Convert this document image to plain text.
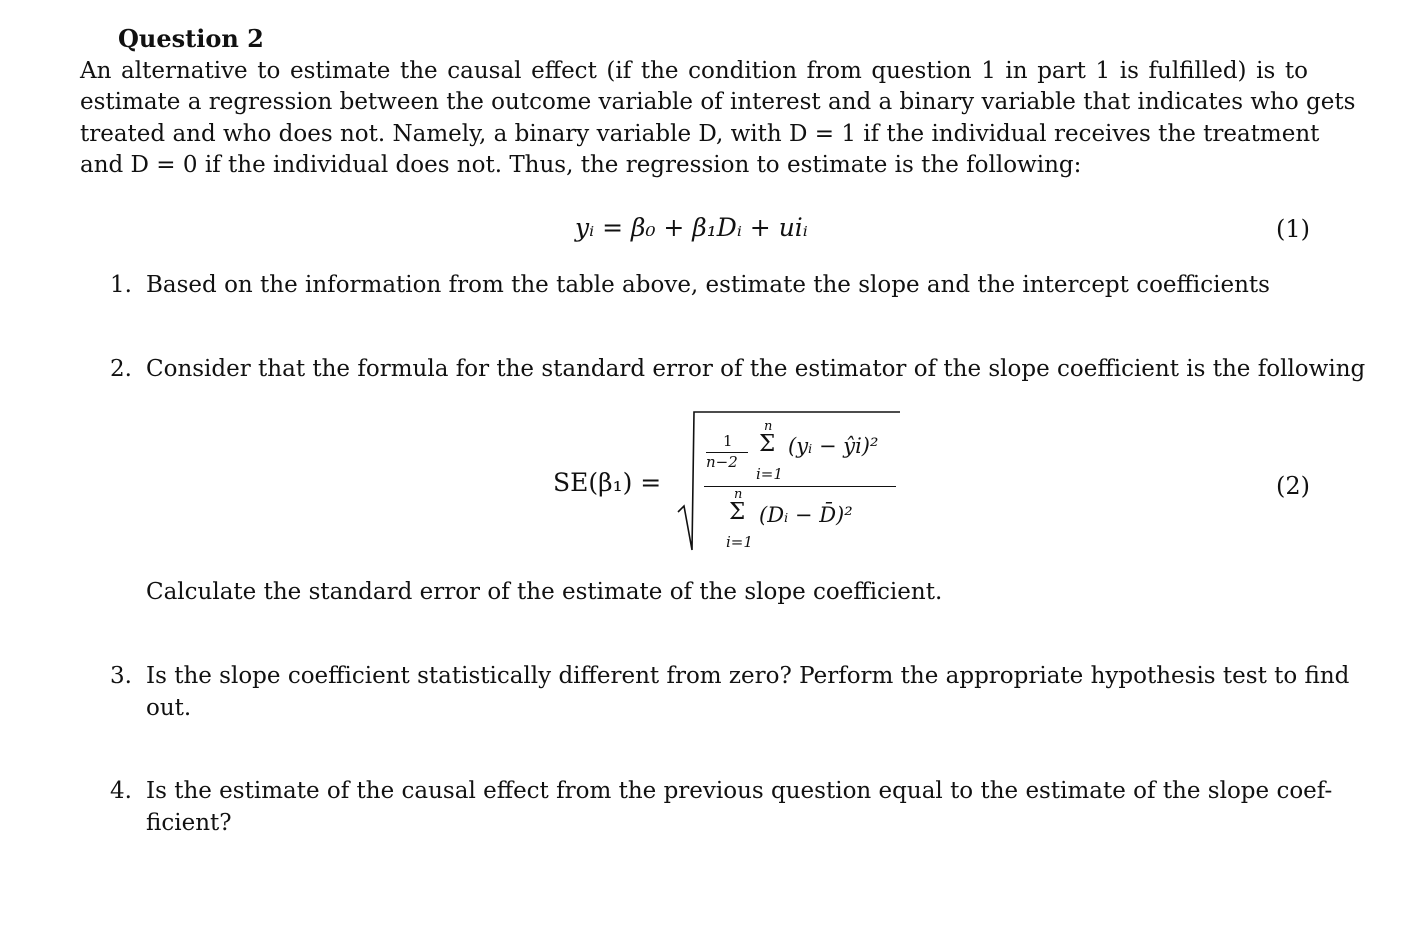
Question 2
An alternative to estimate the causal effect (if the condition from question 1 in part 1 is fulfilled) is to
estimate a regression between the outcome variable of interest and a binary variable that indicates who gets
treated and who does not. Namely, a binary variable D, with D = 1 if the individual receives the treatment
and D = 0 if the individual does not. Thus, the regression to estimate is the following:
yᵢ = β₀ + β₁Dᵢ + uiᵢ	(1)
1. Based on the information from the table above, estimate the slope and the intercept coefficients
2. Consider that the formula for the standard error of the estimator of the slope coefficient is the following
SE(β₁) =
1
n−2
n
Σ
i=1
(yᵢ − ŷi)²
n
Σ
i=1
(Dᵢ − D̄)²
(2)
Calculate the standard error of the estimate of the slope coefficient.
3. Is the slope coefficient statistically different from zero? Perform the appropriate hypothesis test to find
out.
4. Is the estimate of the causal effect from the previous question equal to the estimate of the slope coef-
ficient?
